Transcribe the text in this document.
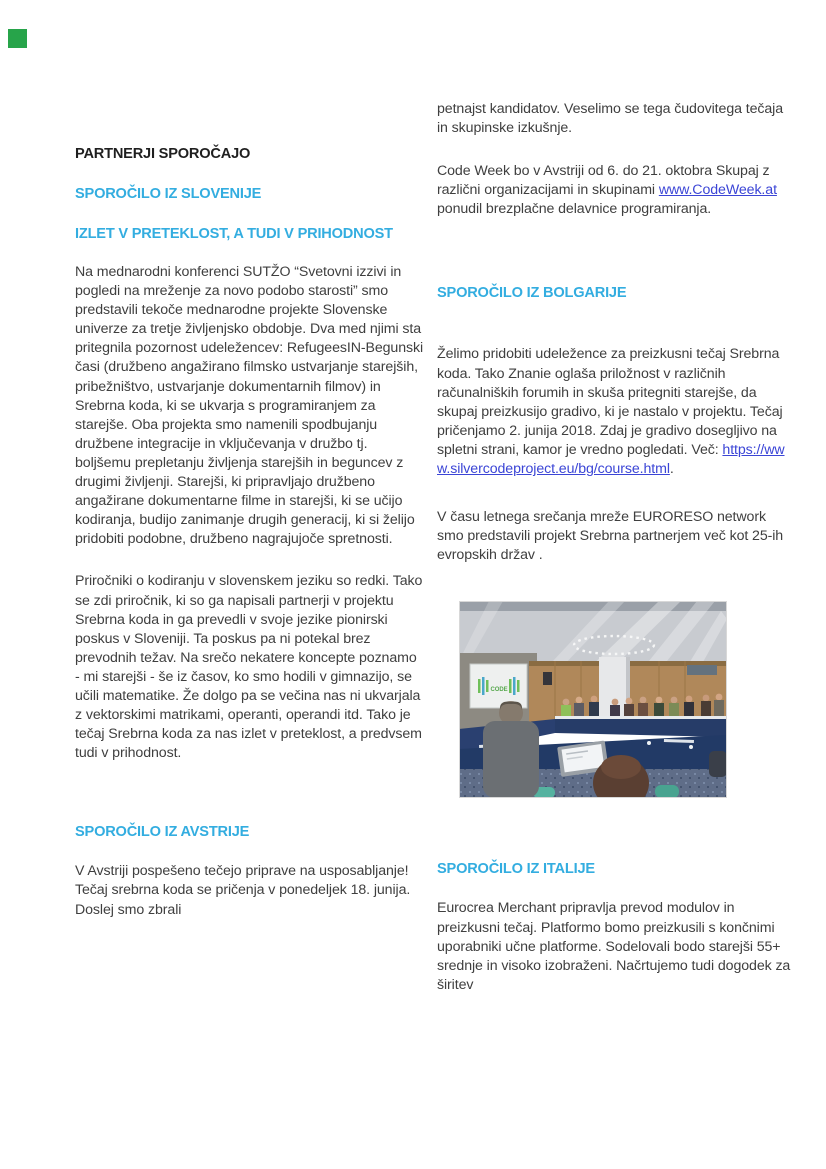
PARTNERJI SPOROČAJO
SPOROČILO IZ SLOVENIJE
IZLET V PRETEKLOST, A TUDI V PRIHODNOST

Na mednarodni konferenci SUTŽO “Svetovni izzivi in pogledi na mreženje za novo podobo starosti” smo predstavili tekoče mednarodne projekte Slovenske univerze za tretje življenjsko obdobje. Dva med njimi sta pritegnila pozornost udeležencev: RefugeesIN-Begunski časi (družbeno angažirano filmsko ustvarjanje starejših, pribežništvo, ustvarjanje dokumentarnih filmov) in Srebrna koda, ki se ukvarja s programiranjem za starejše. Oba projekta smo namenili spodbujanju družbene integracije in vključevanja v družbo tj. boljšemu prepletanju življenja starejših in beguncev z drugimi življenji. Starejši, ki pripravljajo družbeno angažirane dokumentarne filme in starejši, ki se učijo kodiranja, budijo zanimanje drugih generacij, ki si želijo pridobiti podobne, družbeno nagrajujoče spretnosti.

Priročniki o kodiranju v slovenskem jeziku so redki. Tako se zdi priročnik, ki so ga napisali partnerji v projektu Srebrna koda in ga prevedli v svoje jezike pionirski poskus v Sloveniji. Ta poskus pa ni potekal brez prevodnih težav. Na srečo nekatere koncepte poznamo - mi starejši - še iz časov, ko smo hodili v gimnazijo, se učili matematike. Že dolgo pa se večina nas ni ukvarjala z vektorskimi matrikami, operanti, operandi itd. Tako je tečaj Srebrna koda za nas izlet v preteklost, a predvsem tudi v prihodnost.

SPOROČILO IZ AVSTRIJE

V Avstriji pospešeno tečejo priprave na usposabljanje! Tečaj srebrna koda se pričenja v ponedeljek 18. junija. Doslej smo zbrali

petnajst kandidatov. Veselimo se tega čudovitega tečaja in skupinske izkušnje.

Code Week bo v Avstriji od 6. do 21. oktobra Skupaj z različni organizacijami in skupinami www.CodeWeek.at ponudil brezplačne delavnice programiranja.

SPOROČILO IZ BOLGARIJE

Želimo pridobiti udeležence za preizkusni tečaj Srebrna koda. Tako Znanie oglaša priložnost v različnih računalniških forumih in skuša pritegniti starejše, da skupaj preizkusijo gradivo, ki je nastalo v projektu. Tečaj pričenjamo 2. junija 2018. Zdaj je gradivo dosegljivo na spletni strani, kamor je vredno pogledati. Več: https://www.silvercodeproject.eu/bg/course.html.

V času letnega srečanja mreže EURORESO network smo predstavili projekt Srebrna partnerjem več kot 25-ih evropskih držav .

CODE
SPOROČILO IZ ITALIJE

Eurocrea Merchant pripravlja prevod modulov in preizkusni tečaj. Platformo bomo preizkusili s končnimi uporabniki učne platforme. Sodelovali bodo starejši 55+ srednje in visoko izobraženi. Načrtujemo tudi dogodek za širitev
